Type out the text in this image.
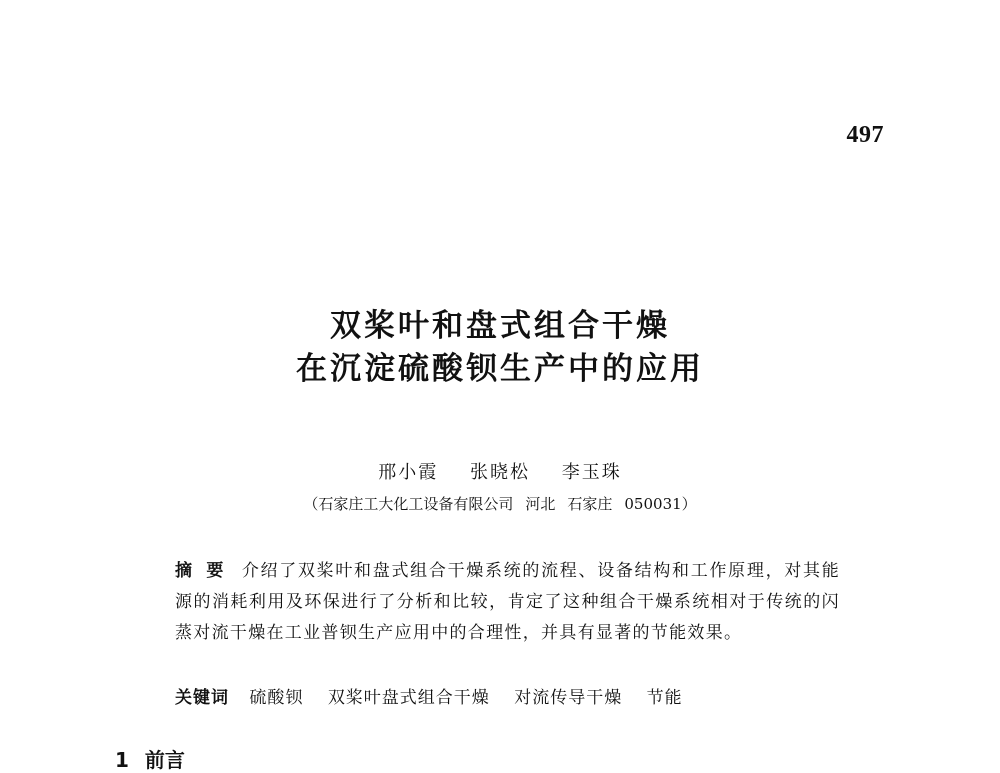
497
双桨叶和盘式组合干燥
在沉淀硫酸钡生产中的应用
邢小霞 张晓松 李玉珠
（石家庄工大化工设备有限公司 河北 石家庄 050031）
摘要 介绍了双桨叶和盘式组合干燥系统的流程、设备结构和工作原理，对其能源的消耗利用及环保进行了分析和比较，肯定了这种组合干燥系统相对于传统的闪蒸对流干燥在工业普钡生产应用中的合理性，并具有显著的节能效果。
关键词 硫酸钡 双桨叶盘式组合干燥 对流传导干燥 节能
1 前言
